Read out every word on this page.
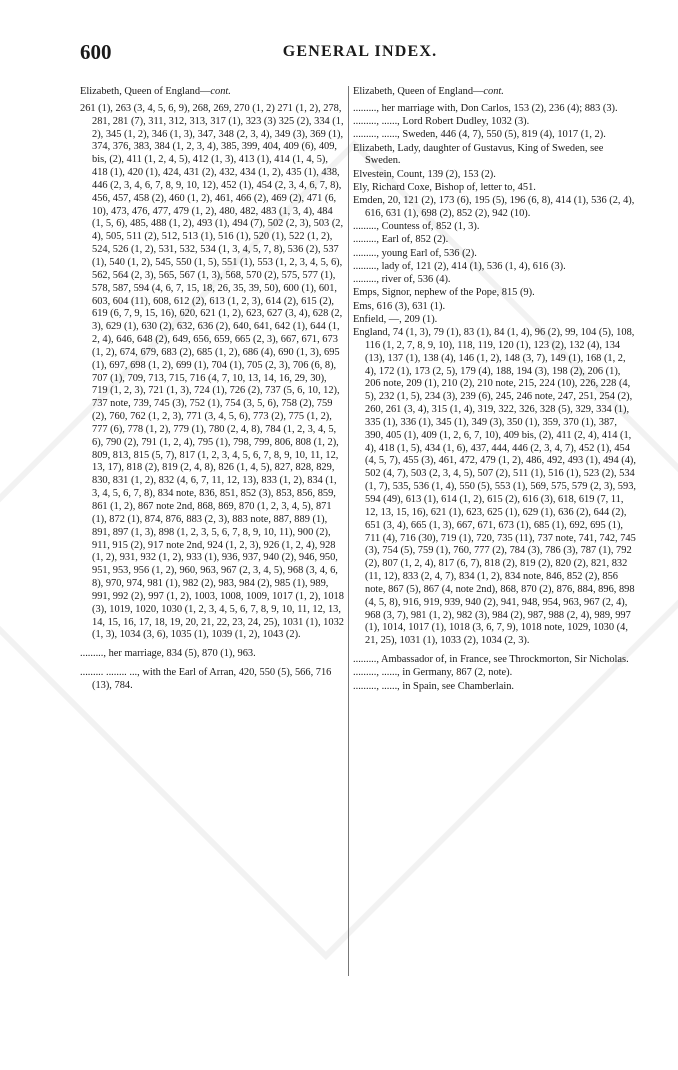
600	GENERAL INDEX.

Elizabeth, Queen of England—cont.

261 (1), 263 (3, 4, 5, 6, 9), 268, 269, 270 (1, 2) 271 (1, 2), 278, 281, 281 (7), 311, 312, 313, 317 (1), 323 (3) 325 (2), 334 (1, 2), 345 (1, 2), 346 (1, 3), 347, 348 (2, 3, 4), 349 (3), 369 (1), 374, 376, 383, 384 (1, 2, 3, 4), 385, 399, 404, 409 (6), 409, bis, (2), 411 (1, 2, 4, 5), 412 (1, 3), 413 (1), 414 (1, 4, 5), 418 (1), 420 (1), 424, 431 (2), 432, 434 (1, 2), 435 (1), 438, 446 (2, 3, 4, 6, 7, 8, 9, 10, 12), 452 (1), 454 (2, 3, 4, 6, 7, 8), 456, 457, 458 (2), 460 (1, 2), 461, 466 (2), 469 (2), 471 (6, 10), 473, 476, 477, 479 (1, 2), 480, 482, 483 (1, 3, 4), 484 (1, 5, 6), 485, 488 (1, 2), 493 (1), 494 (7), 502 (2, 3), 503 (2, 4), 505, 511 (2), 512, 513 (1), 516 (1), 520 (1), 522 (1, 2), 524, 526 (1, 2), 531, 532, 534 (1, 3, 4, 5, 7, 8), 536 (2), 537 (1), 540 (1, 2), 545, 550 (1, 5), 551 (1), 553 (1, 2, 3, 4, 5, 6), 562, 564 (2, 3), 565, 567 (1, 3), 568, 570 (2), 575, 577 (1), 578, 587, 594 (4, 6, 7, 15, 18, 26, 35, 39, 50), 600 (1), 601, 603, 604 (11), 608, 612 (2), 613 (1, 2, 3), 614 (2), 615 (2), 619 (6, 7, 9, 15, 16), 620, 621 (1, 2), 623, 627 (3, 4), 628 (2, 3), 629 (1), 630 (2), 632, 636 (2), 640, 641, 642 (1), 644 (1, 2, 4), 646, 648 (2), 649, 656, 659, 665 (2, 3), 667, 671, 673 (1, 2), 674, 679, 683 (2), 685 (1, 2), 686 (4), 690 (1, 3), 695 (1), 697, 698 (1, 2), 699 (1), 704 (1), 705 (2, 3), 706 (6, 8), 707 (1), 709, 713, 715, 716 (4, 7, 10, 13, 14, 16, 29, 30), 719 (1, 2, 3), 721 (1, 3), 724 (1), 726 (2), 737 (5, 6, 10, 12), 737 note, 739, 745 (3), 752 (1), 754 (3, 5, 6), 758 (2), 759 (2), 760, 762 (1, 2, 3), 771 (3, 4, 5, 6), 773 (2), 775 (1, 2), 777 (6), 778 (1, 2), 779 (1), 780 (2, 4, 8), 784 (1, 2, 3, 4, 5, 6), 790 (2), 791 (1, 2, 4), 795 (1), 798, 799, 806, 808 (1, 2), 809, 813, 815 (5, 7), 817 (1, 2, 3, 4, 5, 6, 7, 8, 9, 10, 11, 12, 13, 17), 818 (2), 819 (2, 4, 8), 826 (1, 4, 5), 827, 828, 829, 830, 831 (1, 2), 832 (4, 6, 7, 11, 12, 13), 833 (1, 2), 834 (1, 3, 4, 5, 6, 7, 8), 834 note, 836, 851, 852 (3), 853, 856, 859, 861 (1, 2), 867 note 2nd, 868, 869, 870 (1, 2, 3, 4, 5), 871 (1), 872 (1), 874, 876, 883 (2, 3), 883 note, 887, 889 (1), 891, 897 (1, 3), 898 (1, 2, 3, 5, 6, 7, 8, 9, 10, 11), 900 (2), 911, 915 (2), 917 note 2nd, 924 (1, 2, 3), 926 (1, 2, 4), 928 (1, 2), 931, 932 (1, 2), 933 (1), 936, 937, 940 (2), 946, 950, 951, 953, 956 (1, 2), 960, 963, 967 (2, 3, 4, 5), 968 (3, 4, 6, 8), 970, 974, 981 (1), 982 (2), 983, 984 (2), 985 (1), 989, 991, 992 (2), 997 (1, 2), 1003, 1008, 1009, 1017 (1, 2), 1018 (3), 1019, 1020, 1030 (1, 2, 3, 4, 5, 6, 7, 8, 9, 10, 11, 12, 13, 14, 15, 16, 17, 18, 19, 20, 21, 22, 23, 24, 25), 1031 (1), 1032 (1, 3), 1034 (3, 6), 1035 (1), 1039 (1, 2), 1043 (2).

........., her marriage, 834 (5), 870 (1), 963.

......... ........ ..., with the Earl of Arran, 420, 550 (5), 566, 716 (13), 784.

Elizabeth, Queen of England—cont.

........., her marriage with, Don Carlos, 153 (2), 236 (4); 883 (3).

........., ......, Lord Robert Dudley, 1032 (3).

........., ......, Sweden, 446 (4, 7), 550 (5), 819 (4), 1017 (1, 2).

Elizabeth, Lady, daughter of Gustavus, King of Sweden, see Sweden.

Elvestein, Count, 139 (2), 153 (2).

Ely, Richard Coxe, Bishop of, letter to, 451.

Emden, 20, 121 (2), 173 (6), 195 (5), 196 (6, 8), 414 (1), 536 (2, 4), 616, 631 (1), 698 (2), 852 (2), 942 (10).

........., Countess of, 852 (1, 3).

........., Earl of, 852 (2).

........., young Earl of, 536 (2).

........., lady of, 121 (2), 414 (1), 536 (1, 4), 616 (3).

........., river of, 536 (4).

Emps, Signor, nephew of the Pope, 815 (9).

Ems, 616 (3), 631 (1).

Enfield, —, 209 (1).

England, 74 (1, 3), 79 (1), 83 (1), 84 (1, 4), 96 (2), 99, 104 (5), 108, 116 (1, 2, 7, 8, 9, 10), 118, 119, 120 (1), 123 (2), 132 (4), 134 (13), 137 (1), 138 (4), 146 (1, 2), 148 (3, 7), 149 (1), 168 (1, 2, 4), 172 (1), 173 (2, 5), 179 (4), 188, 194 (3), 198 (2), 206 (1), 206 note, 209 (1), 210 (2), 210 note, 215, 224 (10), 226, 228 (4, 5), 232 (1, 5), 234 (3), 239 (6), 245, 246 note, 247, 251, 254 (2), 260, 261 (3, 4), 315 (1, 4), 319, 322, 326, 328 (5), 329, 334 (1), 335 (1), 336 (1), 345 (1), 349 (3), 350 (1), 359, 370 (1), 387, 390, 405 (1), 409 (1, 2, 6, 7, 10), 409 bis, (2), 411 (2, 4), 414 (1, 4), 418 (1, 5), 434 (1, 6), 437, 444, 446 (2, 3, 4, 7), 452 (1), 454 (4, 5, 7), 455 (3), 461, 472, 479 (1, 2), 486, 492, 493 (1), 494 (4), 502 (4, 7), 503 (2, 3, 4, 5), 507 (2), 511 (1), 516 (1), 523 (2), 534 (1, 7), 535, 536 (1, 4), 550 (5), 553 (1), 569, 575, 579 (2, 3), 593, 594 (49), 613 (1), 614 (1, 2), 615 (2), 616 (3), 618, 619 (7, 11, 12, 13, 15, 16), 621 (1), 623, 625 (1), 629 (1), 636 (2), 644 (2), 651 (3, 4), 665 (1, 3), 667, 671, 673 (1), 685 (1), 692, 695 (1), 711 (4), 716 (30), 719 (1), 720, 735 (11), 737 note, 741, 742, 745 (3), 754 (5), 759 (1), 760, 777 (2), 784 (3), 786 (3), 787 (1), 792 (2), 807 (1, 2, 4), 817 (6, 7), 818 (2), 819 (2), 820 (2), 821, 832 (11, 12), 833 (2, 4, 7), 834 (1, 2), 834 note, 846, 852 (2), 856 note, 867 (5), 867 (4, note 2nd), 868, 870 (2), 876, 884, 896, 898 (4, 5, 8), 916, 919, 939, 940 (2), 941, 948, 954, 963, 967 (2, 4), 968 (3, 7), 981 (1, 2), 982 (3), 984 (2), 987, 988 (2, 4), 989, 997 (1), 1014, 1017 (1), 1018 (3, 6, 7, 9), 1018 note, 1029, 1030 (4, 21, 25), 1031 (1), 1033 (2), 1034 (2, 3).

........., Ambassador of, in France, see Throckmorton, Sir Nicholas.

........., ......, in Germany, 867 (2, note).

........., ......, in Spain, see Chamberlain.
